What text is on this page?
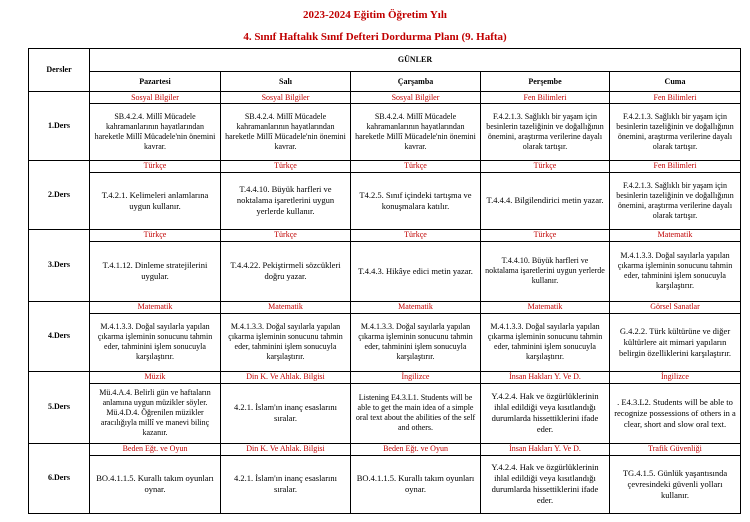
2023-2024 Eğitim Öğretim Yılı
4. Sınıf Haftalık Sınıf Defteri Dordurma Planı (9. Hafta)
Dersler	GÜNLER				
	Pazartesi	Salı	Çarşamba	Perşembe	Cuma
1.Ders	Sosyal Bilgiler	Sosyal Bilgiler	Sosyal Bilgiler	Fen Bilimleri	Fen Bilimleri
	SB.4.2.4. Millî Mücadele kahramanlarının hayatlarından hareketle Millî Mücadele'nin önemini kavrar.	SB.4.2.4. Millî Mücadele kahramanlarının hayatlarından hareketle Millî Mücadele'nin önemini kavrar.	SB.4.2.4. Millî Mücadele kahramanlarının hayatlarından hareketle Millî Mücadele'nin önemini kavrar.	F.4.2.1.3. Sağlıklı bir yaşam için besinlerin tazeliğinin ve doğallığının önemini, araştırma verilerine dayalı olarak tartışır.	F.4.2.1.3. Sağlıklı bir yaşam için besinlerin tazeliğinin ve doğallığının önemini, araştırma verilerine dayalı olarak tartışır.
2.Ders	Türkçe	Türkçe	Türkçe	Türkçe	Fen Bilimleri
	T.4.2.1. Kelimeleri anlamlarına uygun kullanır.	T.4.4.10. Büyük harfleri ve noktalama işaretlerini uygun yerlerde kullanır.	T4.2.5. Sınıf içindeki tartışma ve konuşmalara katılır.	T.4.4.4. Bilgilendirici metin yazar.	F.4.2.1.3. Sağlıklı bir yaşam için besinlerin tazeliğinin ve doğallığının önemini, araştırma verilerine dayalı olarak tartışır.
3.Ders	Türkçe	Türkçe	Türkçe	Türkçe	Matematik
	T.4.1.12. Dinleme stratejilerini uygular.	T.4.4.22. Pekiştirmeli sözcükleri doğru yazar.	T.4.4.3. Hikâye edici metin yazar.	T.4.4.10. Büyük harfleri ve noktalama işaretlerini uygun yerlerde kullanır.	M.4.1.3.3. Doğal sayılarla yapılan çıkarma işleminin sonucunu tahmin eder, tahminini işlem sonucuyla karşılaştırır.
4.Ders	Matematik	Matematik	Matematik	Matematik	Görsel Sanatlar
	M.4.1.3.3. Doğal sayılarla yapılan çıkarma işleminin sonucunu tahmin eder, tahminini işlem sonucuyla karşılaştırır.	M.4.1.3.3. Doğal sayılarla yapılan çıkarma işleminin sonucunu tahmin eder, tahminini işlem sonucuyla karşılaştırır.	M.4.1.3.3. Doğal sayılarla yapılan çıkarma işleminin sonucunu tahmin eder, tahminini işlem sonucuyla karşılaştırır.	M.4.1.3.3. Doğal sayılarla yapılan çıkarma işleminin sonucunu tahmin eder, tahminini işlem sonucuyla karşılaştırır.	G.4.2.2. Türk kültürüne ve diğer kültürlere ait mimari yapıların belirgin özelliklerini karşılaştırır.
5.Ders	Müzik	Din K. Ve Ahlak. Bilgisi	İngilizce	İnsan Hakları Y. Ve D.	İngilizce
	Mü.4.A.4. Belirli gün ve haftaların anlamına uygun müzikler söyler. Mü.4.D.4. Öğrenilen müzikler aracılığıyla millî ve manevi bilinç kazanır.	4.2.1. İslam'ın inanç esaslarını sıralar.	Listening E4.3.L1. Students will be able to get the main idea of a simple oral text about the abilities of the self and others.	Y.4.2.4. Hak ve özgürlüklerinin ihlal edildiği veya kısıtlandığı durumlarda hissettiklerini ifade eder.	. E4.3.L2. Students will be able to recognize possessions of others in a clear, short and slow oral text.
6.Ders	Beden Eğt. ve Oyun	Din K. Ve Ahlak. Bilgisi	Beden Eğt. ve Oyun	İnsan Hakları Y. Ve D.	Trafik Güvenliği
	BO.4.1.1.5. Kurallı takım oyunları oynar.	4.2.1. İslam'ın inanç esaslarını sıralar.	BO.4.1.1.5. Kurallı takım oyunları oynar.	Y.4.2.4. Hak ve özgürlüklerinin ihlal edildiği veya kısıtlandığı durumlarda hissettiklerini ifade eder.	TG.4.1.5. Günlük yaşantısında çevresindeki güvenli yolları kullanır.
